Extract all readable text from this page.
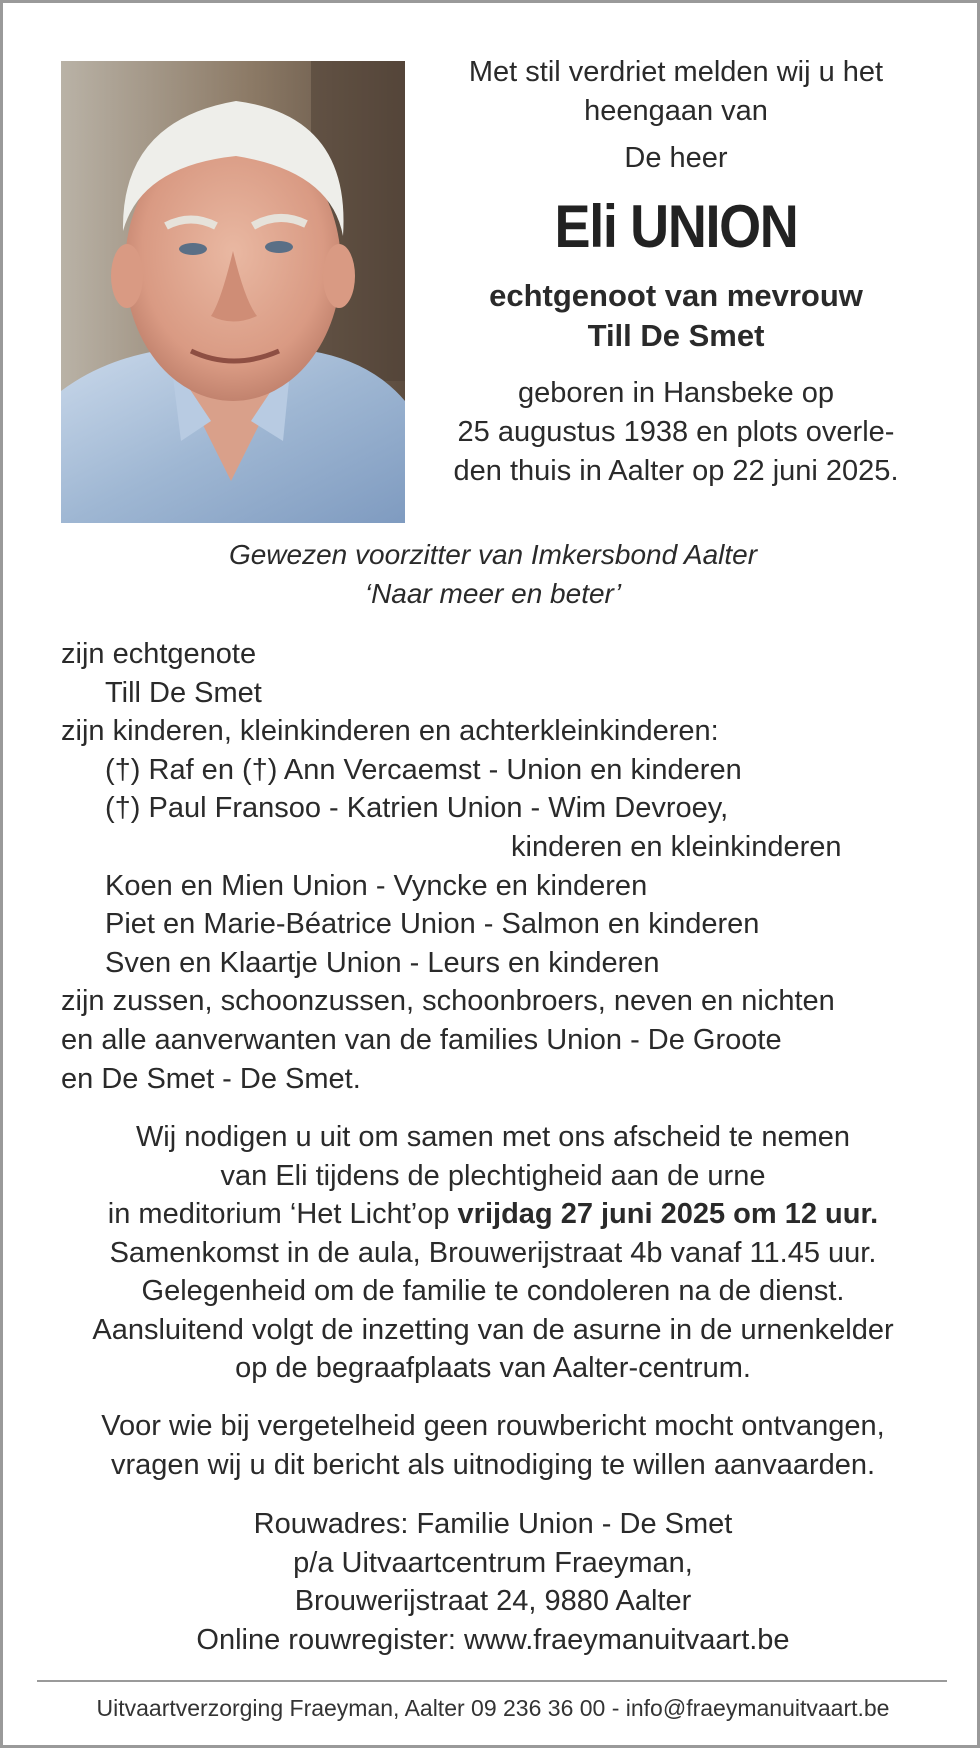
Met stil verdriet melden wij u het heengaan van

De heer

Eli UNION

echtgenoot van mevrouw
Till De Smet

geboren in Hansbeke op
25 augustus 1938 en plots overle-
den thuis in Aalter op 22 juni 2025.

Gewezen voorzitter van Imkersbond Aalter
‘Naar meer en beter’
zijn echtgenote
Till De Smet
zijn kinderen, kleinkinderen en achterkleinkinderen:
(†) Raf en (†) Ann Vercaemst - Union en kinderen
(†) Paul Fransoo - Katrien Union - Wim Devroey,
kinderen en kleinkinderen
Koen en Mien Union - Vyncke en kinderen
Piet en Marie-Béatrice Union - Salmon en kinderen
Sven en Klaartje Union - Leurs en kinderen
zijn zussen, schoonzussen, schoonbroers, neven en nichten
en alle aanverwanten van de families Union - De Groote
en De Smet - De Smet.
Wij nodigen u uit om samen met ons afscheid te nemen
van Eli tijdens de plechtigheid aan de urne
in meditorium ‘Het Licht’op vrijdag 27 juni 2025 om 12 uur.
Samenkomst in de aula, Brouwerijstraat 4b vanaf 11.45 uur.
Gelegenheid om de familie te condoleren na de dienst.
Aansluitend volgt de inzetting van de asurne in de urnenkelder
op de begraafplaats van Aalter-centrum.
Voor wie bij vergetelheid geen rouwbericht mocht ontvangen,
vragen wij u dit bericht als uitnodiging te willen aanvaarden.
Rouwadres: Familie Union - De Smet
p/a Uitvaartcentrum Fraeyman,
Brouwerijstraat 24, 9880 Aalter
Online rouwregister: www.fraeymanuitvaart.be
Uitvaartverzorging Fraeyman, Aalter 09 236 36 00 - info@fraeymanuitvaart.be
